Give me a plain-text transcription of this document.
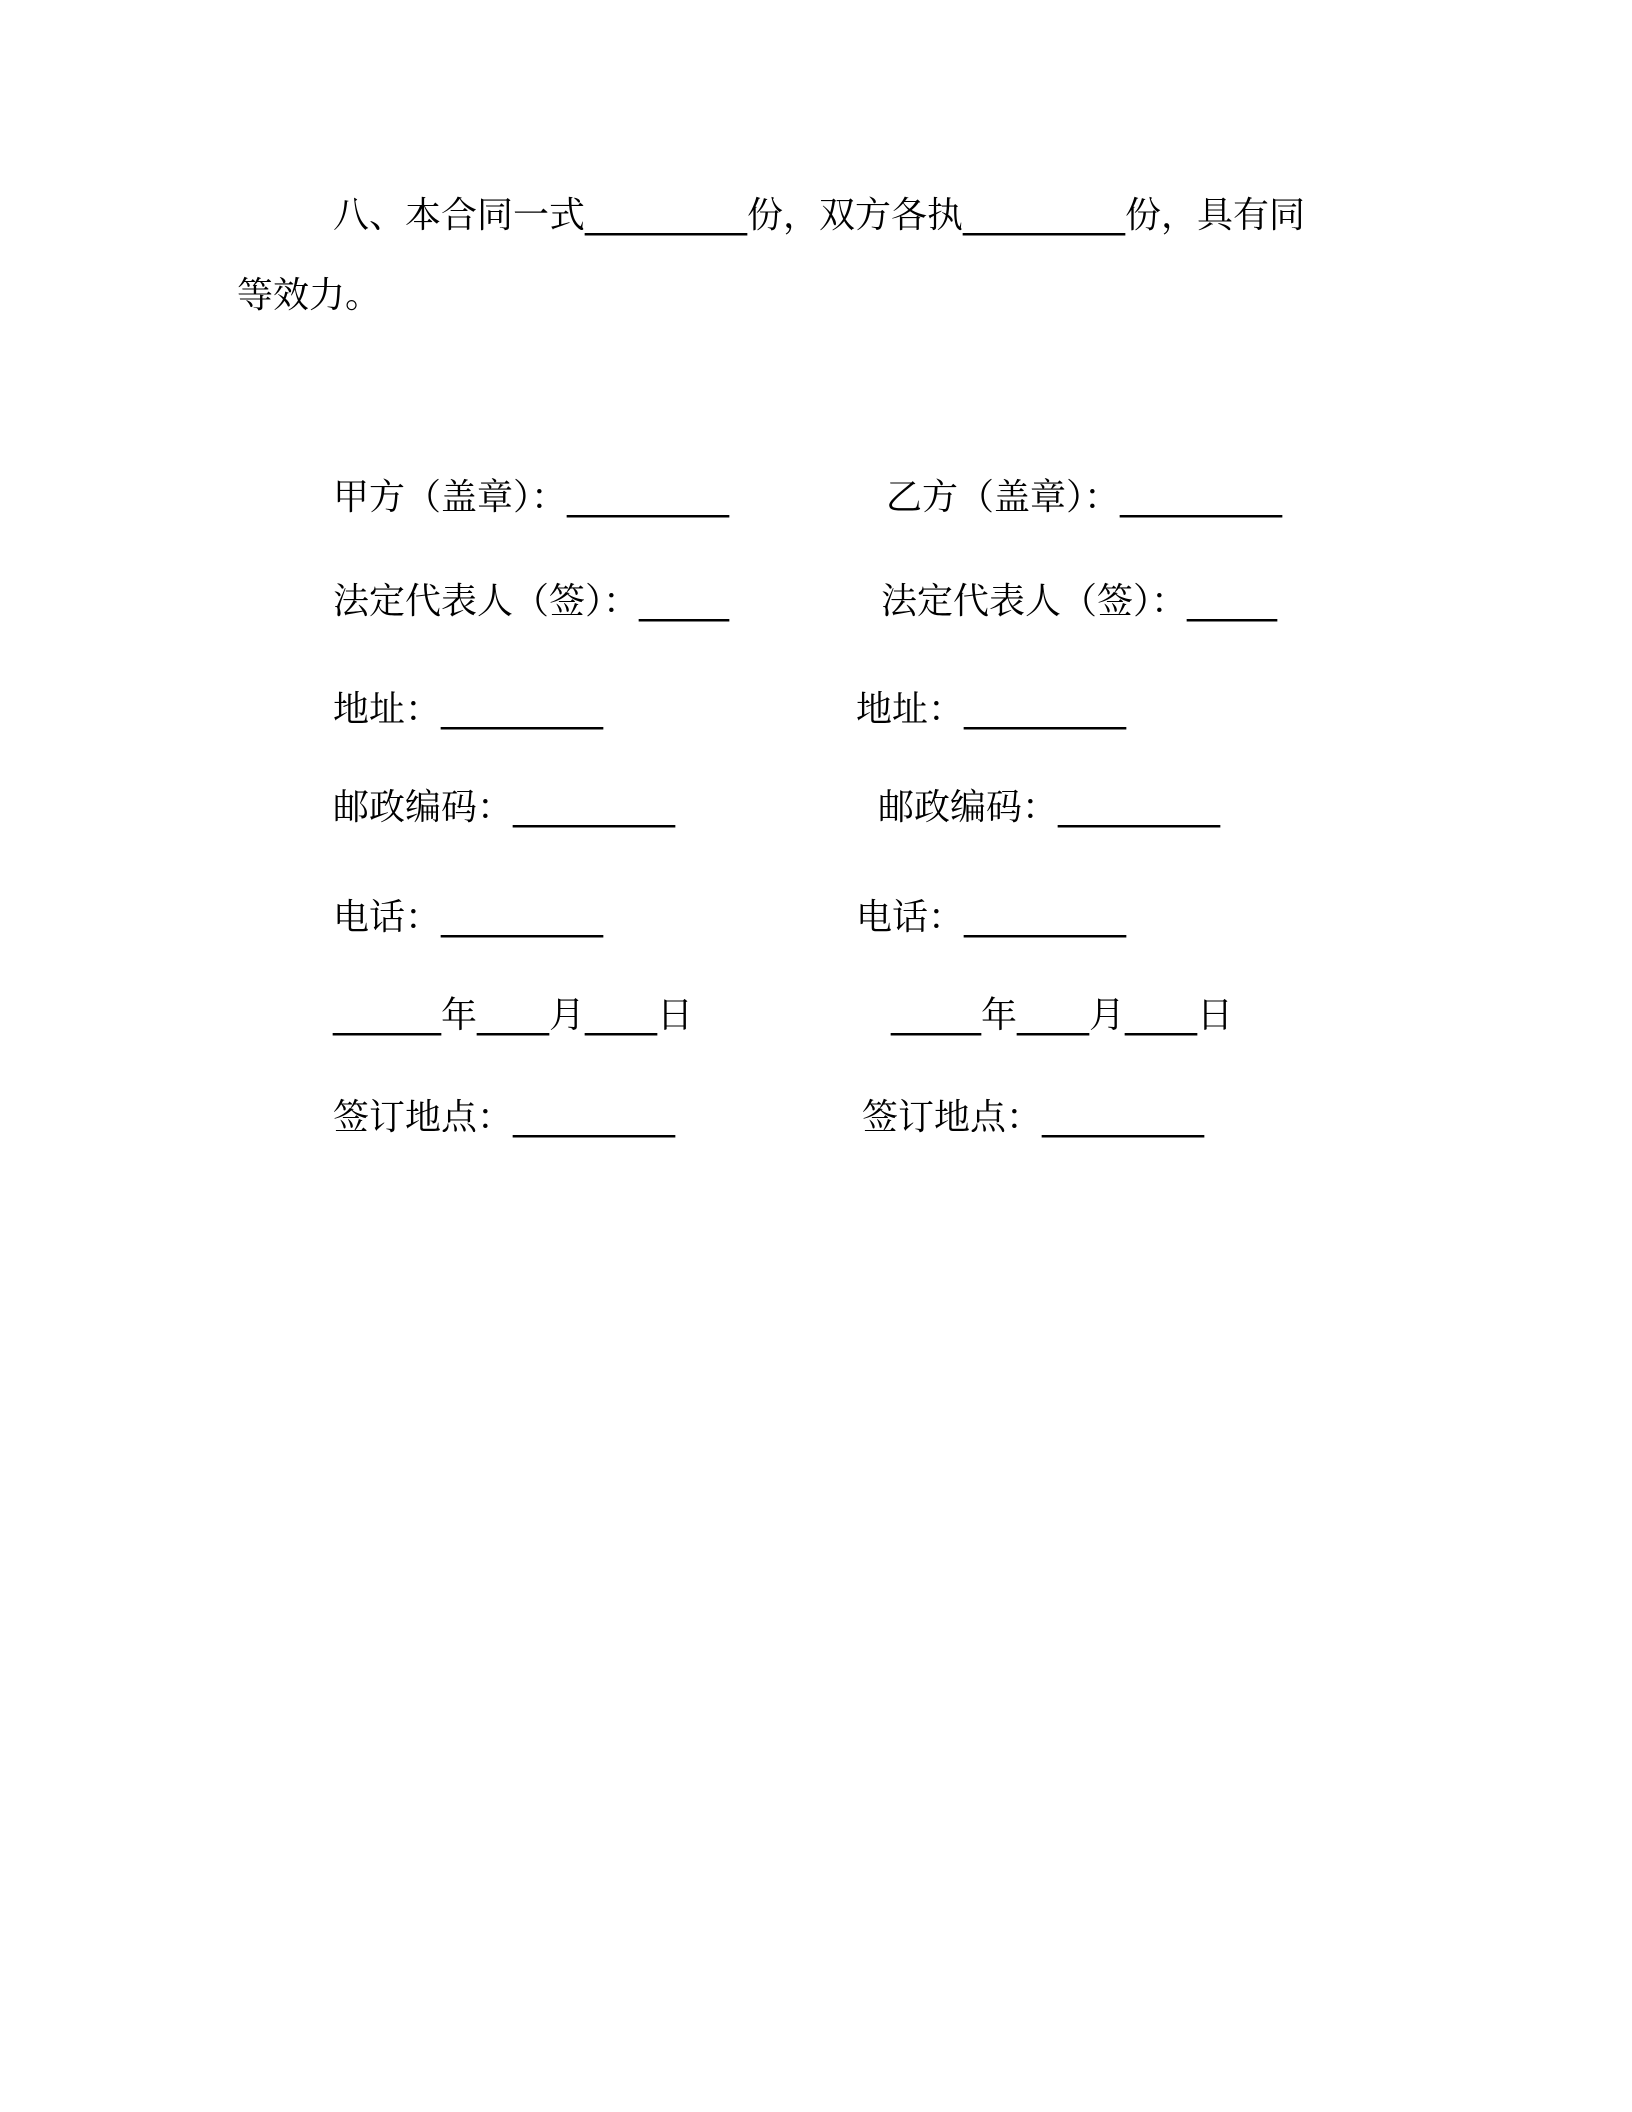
八、本合同一式_________份，双方各执_________份，具有同
等效力。
甲方（盖章）：_________
法定代表人（签）：_____
地址：_________
邮政编码：_________
电话：_________
______年____月____日
签订地点：_________
乙方（盖章）：_________
法定代表人（签）：_____
地址：_________
邮政编码：_________
电话：_________
_____年____月____日
签订地点：_________
